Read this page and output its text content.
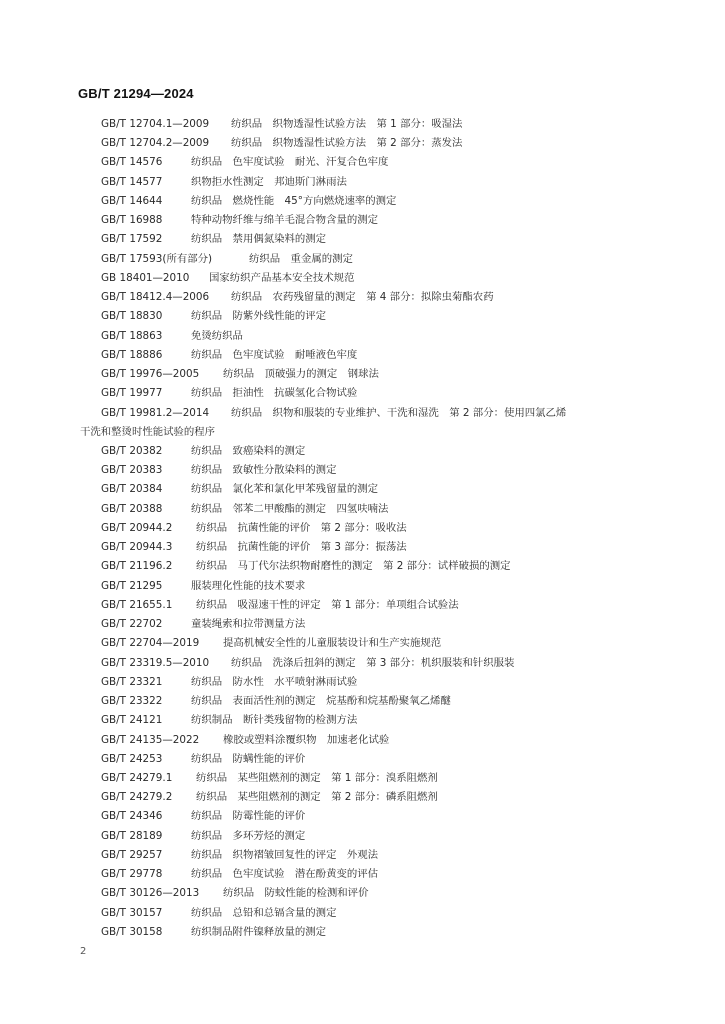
GB/T 21294—2024
GB/T 12704.1—2009 纺织品　织物透湿性试验方法　第 1 部分：吸湿法
GB/T 12704.2—2009 纺织品　织物透湿性试验方法　第 2 部分：蒸发法
GB/T 14576	纺织品　色牢度试验　耐光、汗复合色牢度
GB/T 14577	织物拒水性测定　邦迪斯门淋雨法
GB/T 14644	纺织品　燃烧性能　45°方向燃烧速率的测定
GB/T 16988	特种动物纤维与绵羊毛混合物含量的测定
GB/T 17592	纺织品　禁用偶氮染料的测定
GB/T 17593(所有部分)	纺织品　重金属的测定
GB 18401—2010 国家纺织产品基本安全技术规范
GB/T 18412.4—2006 纺织品　农药残留量的测定　第 4 部分：拟除虫菊酯农药
GB/T 18830	纺织品　防紫外线性能的评定
GB/T 18863	免烫纺织品
GB/T 18886	纺织品　色牢度试验　耐唾液色牢度
GB/T 19976—2005 纺织品　顶破强力的测定　钢球法
GB/T 19977	纺织品　拒油性　抗碳氢化合物试验
GB/T 19981.2—2014 纺织品　织物和服装的专业维护、干洗和湿洗　第 2 部分：使用四氯乙烯
干洗和整烫时性能试验的程序
GB/T 20382	纺织品　致癌染料的测定
GB/T 20383	纺织品　致敏性分散染料的测定
GB/T 20384	纺织品　氯化苯和氯化甲苯残留量的测定
GB/T 20388	纺织品　邻苯二甲酸酯的测定　四氢呋喃法
GB/T 20944.2 纺织品　抗菌性能的评价　第 2 部分：吸收法
GB/T 20944.3 纺织品　抗菌性能的评价　第 3 部分：振荡法
GB/T 21196.2 纺织品　马丁代尔法织物耐磨性的测定　第 2 部分：试样破损的测定
GB/T 21295	服装理化性能的技术要求
GB/T 21655.1 纺织品　吸湿速干性的评定　第 1 部分：单项组合试验法
GB/T 22702	童装绳索和拉带测量方法
GB/T 22704—2019 提高机械安全性的儿童服装设计和生产实施规范
GB/T 23319.5—2010 纺织品　洗涤后扭斜的测定　第 3 部分：机织服装和针织服装
GB/T 23321	纺织品　防水性　水平喷射淋雨试验
GB/T 23322	纺织品　表面活性剂的测定　烷基酚和烷基酚聚氧乙烯醚
GB/T 24121	纺织制品　断针类残留物的检测方法
GB/T 24135—2022 橡胶或塑料涂覆织物　加速老化试验
GB/T 24253	纺织品　防螨性能的评价
GB/T 24279.1 纺织品　某些阻燃剂的测定　第 1 部分：溴系阻燃剂
GB/T 24279.2 纺织品　某些阻燃剂的测定　第 2 部分：磷系阻燃剂
GB/T 24346	纺织品　防霉性能的评价
GB/T 28189	纺织品　多环芳烃的测定
GB/T 29257	纺织品　织物褶皱回复性的评定　外观法
GB/T 29778	纺织品　色牢度试验　潜在酚黄变的评估
GB/T 30126—2013 纺织品　防蚊性能的检测和评价
GB/T 30157	纺织品　总铅和总镉含量的测定
GB/T 30158	纺织制品附件镍释放量的测定
2
